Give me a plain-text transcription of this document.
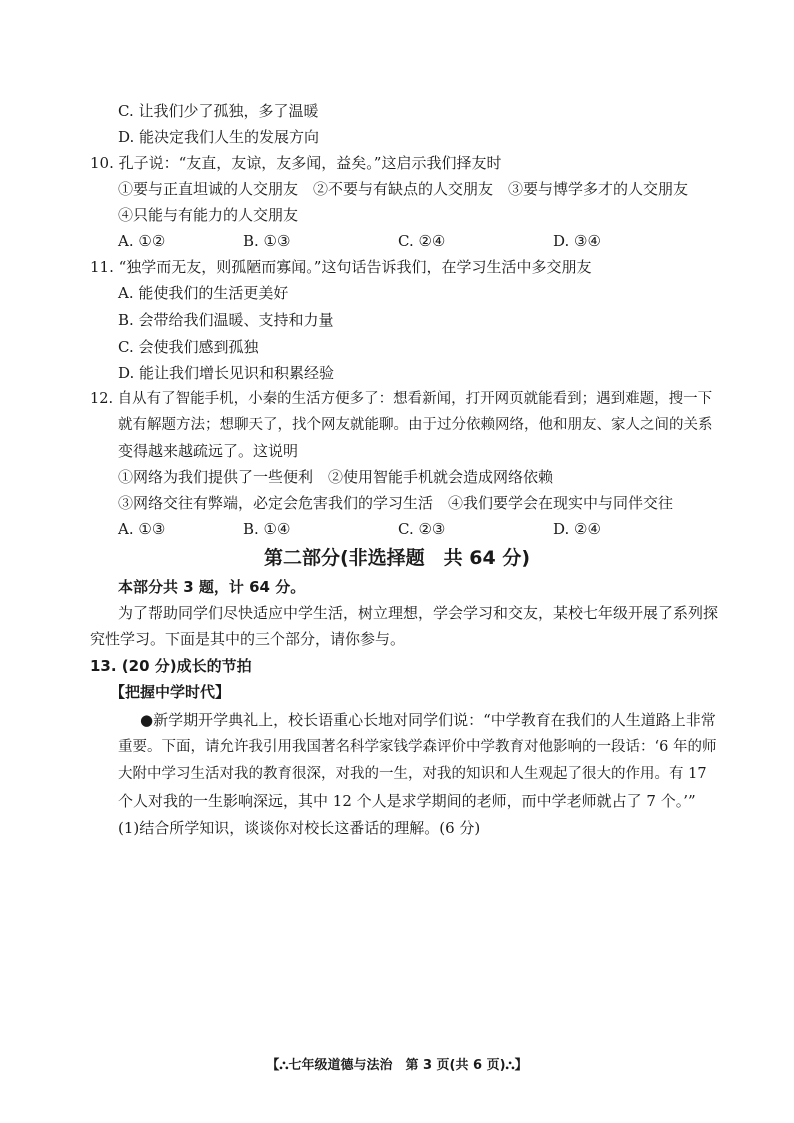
C. 让我们少了孤独，多了温暖
D. 能决定我们人生的发展方向
10. 孔子说：“友直，友谅，友多闻，益矣。”这启示我们择友时
①要与正直坦诚的人交朋友　②不要与有缺点的人交朋友　③要与博学多才的人交朋友
④只能与有能力的人交朋友
A. ①②	B. ①③	C. ②④	D. ③④
11. “独学而无友，则孤陋而寡闻。”这句话告诉我们，在学习生活中多交朋友
A. 能使我们的生活更美好
B. 会带给我们温暖、支持和力量
C. 会使我们感到孤独
D. 能让我们增长见识和积累经验
12. 自从有了智能手机，小秦的生活方便多了：想看新闻，打开网页就能看到；遇到难题，搜一下
就有解题方法；想聊天了，找个网友就能聊。由于过分依赖网络，他和朋友、家人之间的关系
变得越来越疏远了。这说明
①网络为我们提供了一些便利　②使用智能手机就会造成网络依赖
③网络交往有弊端，必定会危害我们的学习生活　④我们要学会在现实中与同伴交往
A. ①③	B. ①④	C. ②③	D. ②④
第二部分(非选择题　共 64 分)
本部分共 3 题，计 64 分。
为了帮助同学们尽快适应中学生活，树立理想，学会学习和交友，某校七年级开展了系列探
究性学习。下面是其中的三个部分，请你参与。
13. (20 分)成长的节拍
【把握中学时代】
●新学期开学典礼上，校长语重心长地对同学们说：“中学教育在我们的人生道路上非常
重要。下面，请允许我引用我国著名科学家钱学森评价中学教育对他影响的一段话：‘6 年的师
大附中学习生活对我的教育很深，对我的一生，对我的知识和人生观起了很大的作用。有 17
个人对我的一生影响深远，其中 12 个人是求学期间的老师，而中学老师就占了 7 个。’”
(1)结合所学知识，谈谈你对校长这番话的理解。(6 分)
【⛬七年级道德与法治　第 3 页(共 6 页)⛬】
